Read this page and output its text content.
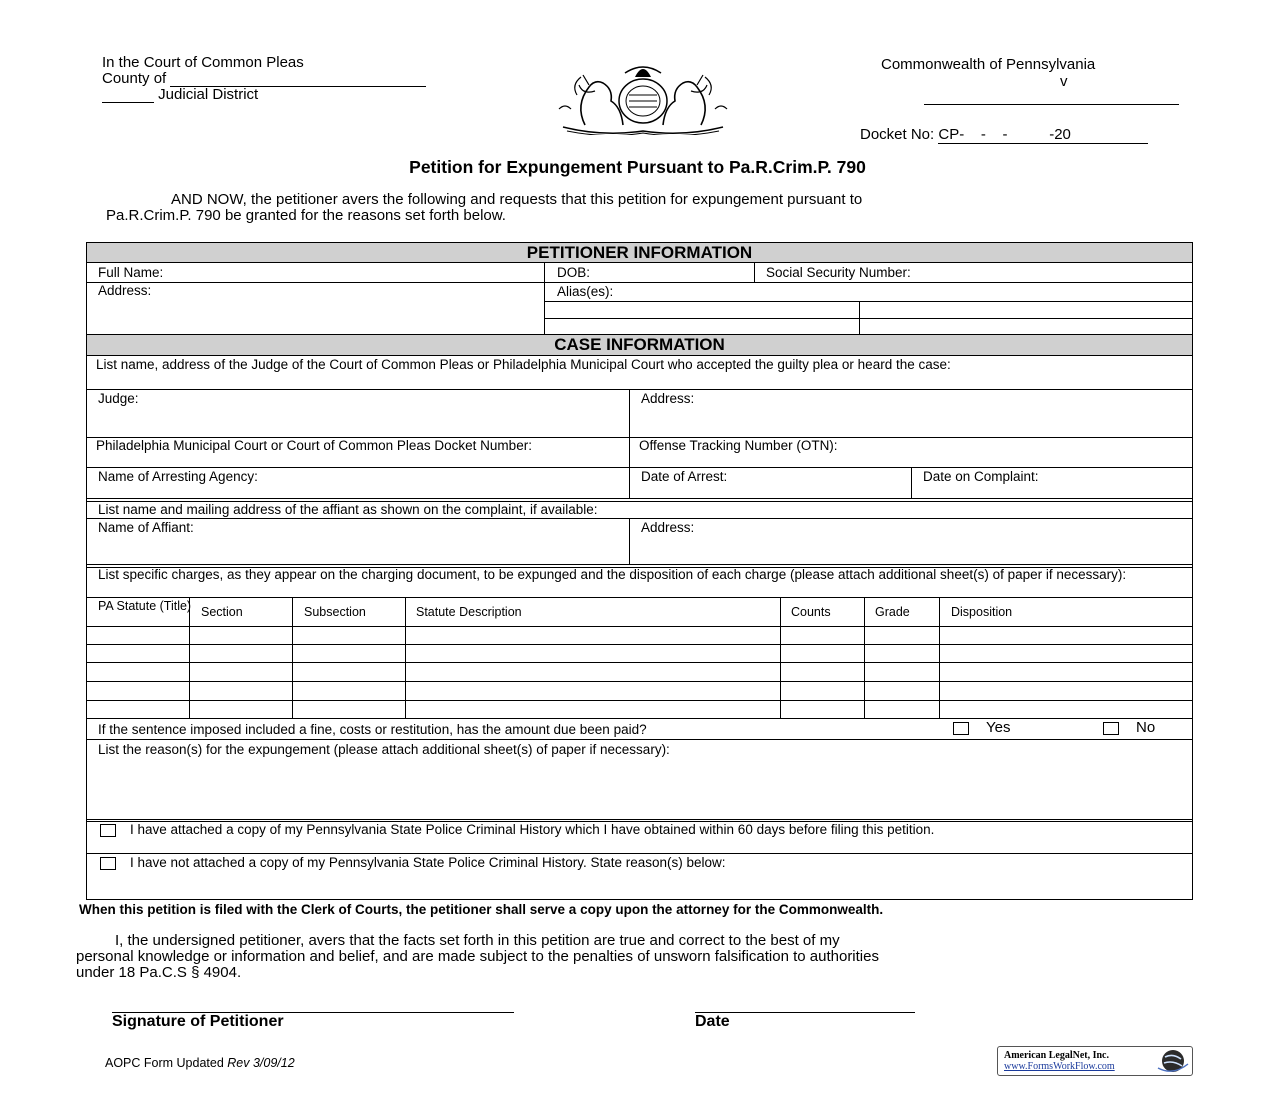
In the Court of Common Pleas
County of
Judicial District
Commonwealth of Pennsylvania
v
Docket No: CP-    -    -          -20
Petition for Expungement Pursuant to Pa.R.Crim.P. 790
AND NOW, the petitioner avers the following and requests that this petition for expungement pursuant to
Pa.R.Crim.P. 790 be granted for the reasons set forth below.
PETITIONER INFORMATION
Full Name:	DOB:	Social Security Number:
Address:	Alias(es):
CASE INFORMATION
List name, address of the Judge of the Court of Common Pleas or Philadelphia Municipal Court who accepted the guilty plea or heard the case:
Judge:	Address:
Philadelphia Municipal Court or Court of Common Pleas Docket Number:	Offense Tracking Number (OTN):
Name of Arresting Agency:	Date of Arrest:	Date on Complaint:
List name and mailing address of the affiant as shown on the complaint, if available:
Name of Affiant:	Address:
List specific charges, as they appear on the charging document, to be expunged and the disposition of each charge (please attach additional sheet(s) of paper if necessary):
PA Statute (Title) Section	Subsection	Statute Description	Counts	Grade	Disposition
If the sentence imposed included a fine, costs or restitution, has the amount due been paid?	Yes	No
List the reason(s) for the expungement (please attach additional sheet(s) of paper if necessary):
I have attached a copy of my Pennsylvania State Police Criminal History which I have obtained within 60 days before filing this petition.
I have not attached a copy of my Pennsylvania State Police Criminal History. State reason(s) below:
When this petition is filed with the Clerk of Courts, the petitioner shall serve a copy upon the attorney for the Commonwealth.
I, the undersigned petitioner, avers that the facts set forth in this petition are true and correct to the best of my
personal knowledge or information and belief, and are made subject to the penalties of unsworn falsification to authorities
under 18 Pa.C.S § 4904.
Signature of Petitioner	Date
AOPC Form Updated Rev 3/09/12
American LegalNet, Inc.
www.FormsWorkFlow.com
